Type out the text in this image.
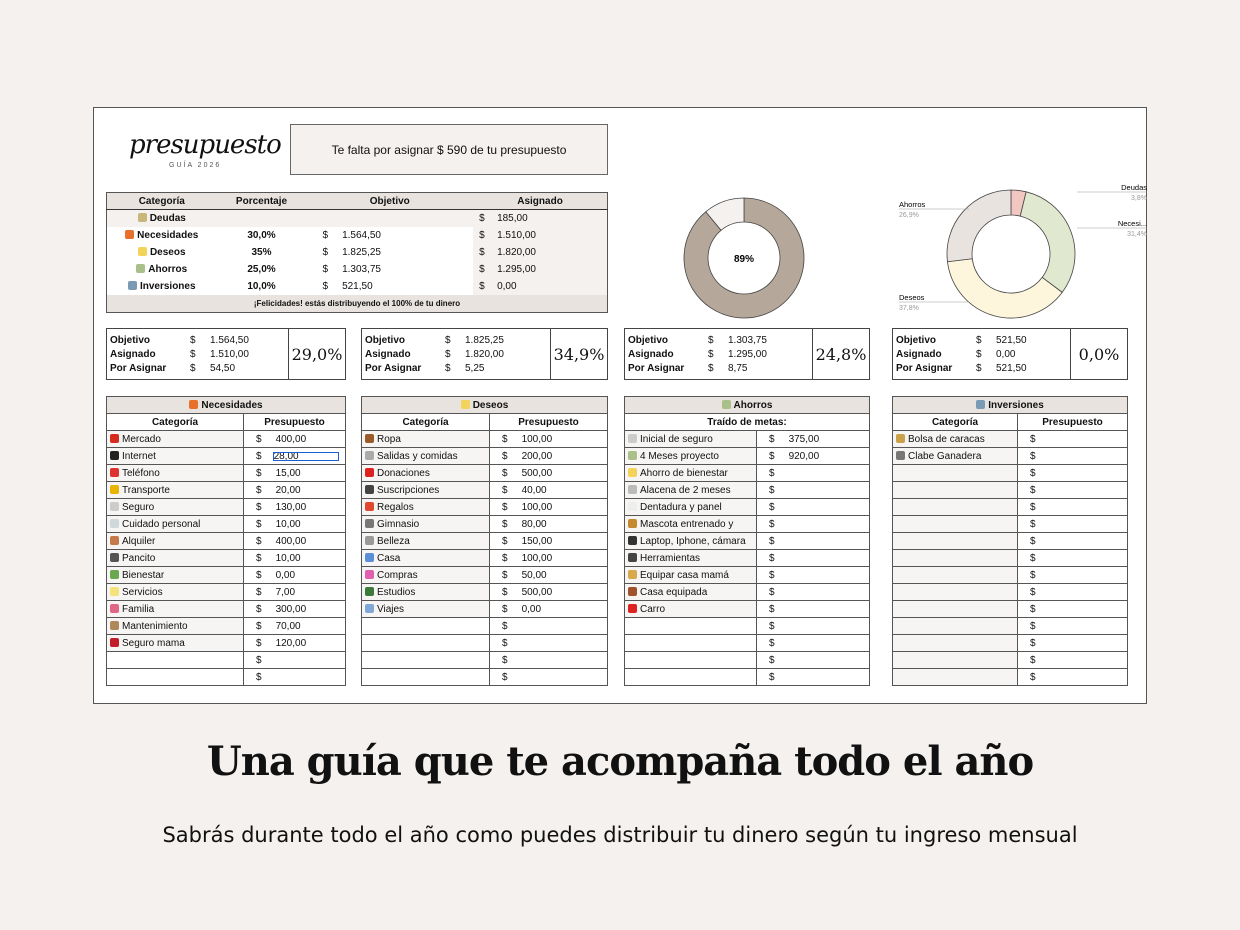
presupuesto
GUÍA 2026
Te falta por asignar $ 590 de tu presupuesto
Categoría	Porcentaje	Objetivo		Asignado	
Deudas				$	185,00
Necesidades	30,0%	$	1.564,50	$	1.510,00
Deseos	35%	$	1.825,25	$	1.820,00
Ahorros	25,0%	$	1.303,75	$	1.295,00
Inversiones	10,0%	$	521,50	$	0,00
¡Felicidades! estás distribuyendo el 100% de tu dinero					
89%
Deudas
3,8%
Necesi...
31,4%
Deseos
37,8%
Ahorros
26,9%
Objetivo	$	1.564,50
Asignado	$	1.510,00
Por Asignar	$	54,50
29,0%
Objetivo	$	1.825,25
Asignado	$	1.820,00
Por Asignar	$	5,25
34,9%
Objetivo	$	1.303,75
Asignado	$	1.295,00
Por Asignar	$	8,75
24,8%
Objetivo	$	521,50
Asignado	$	0,00
Por Asignar	$	521,50
0,0%
Necesidades	
Categoría	Presupuesto
Mercado	$ 400,00
Internet	$ 28,00
Teléfono	$ 15,00
Transporte	$ 20,00
Seguro	$ 130,00
Cuidado personal	$ 10,00
Alquiler	$ 400,00
Pancito	$ 10,00
Bienestar	$ 0,00
Servicios	$ 7,00
Familia	$ 300,00
Mantenimiento	$ 70,00
Seguro mama	$ 120,00
	$
	$
Deseos	
Categoría	Presupuesto
Ropa	$ 100,00
Salidas y comidas	$ 200,00
Donaciones	$ 500,00
Suscripciones	$ 40,00
Regalos	$ 100,00
Gimnasio	$ 80,00
Belleza	$ 150,00
Casa	$ 100,00
Compras	$ 50,00
Estudios	$ 500,00
Viajes	$ 0,00
	$
	$
	$
	$
Ahorros	
Traído de metas:	
Inicial de seguro	$ 375,00
4 Meses proyecto	$ 920,00
Ahorro de bienestar	$
Alacena de 2 meses	$
Dentadura y panel	$
Mascota entrenado y	$
Laptop, Iphone, cámara	$
Herramientas	$
Equipar casa mamá	$
Casa equipada	$
Carro	$
	$
	$
	$
	$
Inversiones	
Categoría	Presupuesto
Bolsa de caracas	$
Clabe Ganadera	$
	$
	$
	$
	$
	$
	$
	$
	$
	$
	$
	$
	$
	$
Una guía que te acompaña todo el año
Sabrás durante todo el año como puedes distribuir tu dinero según tu ingreso mensual
